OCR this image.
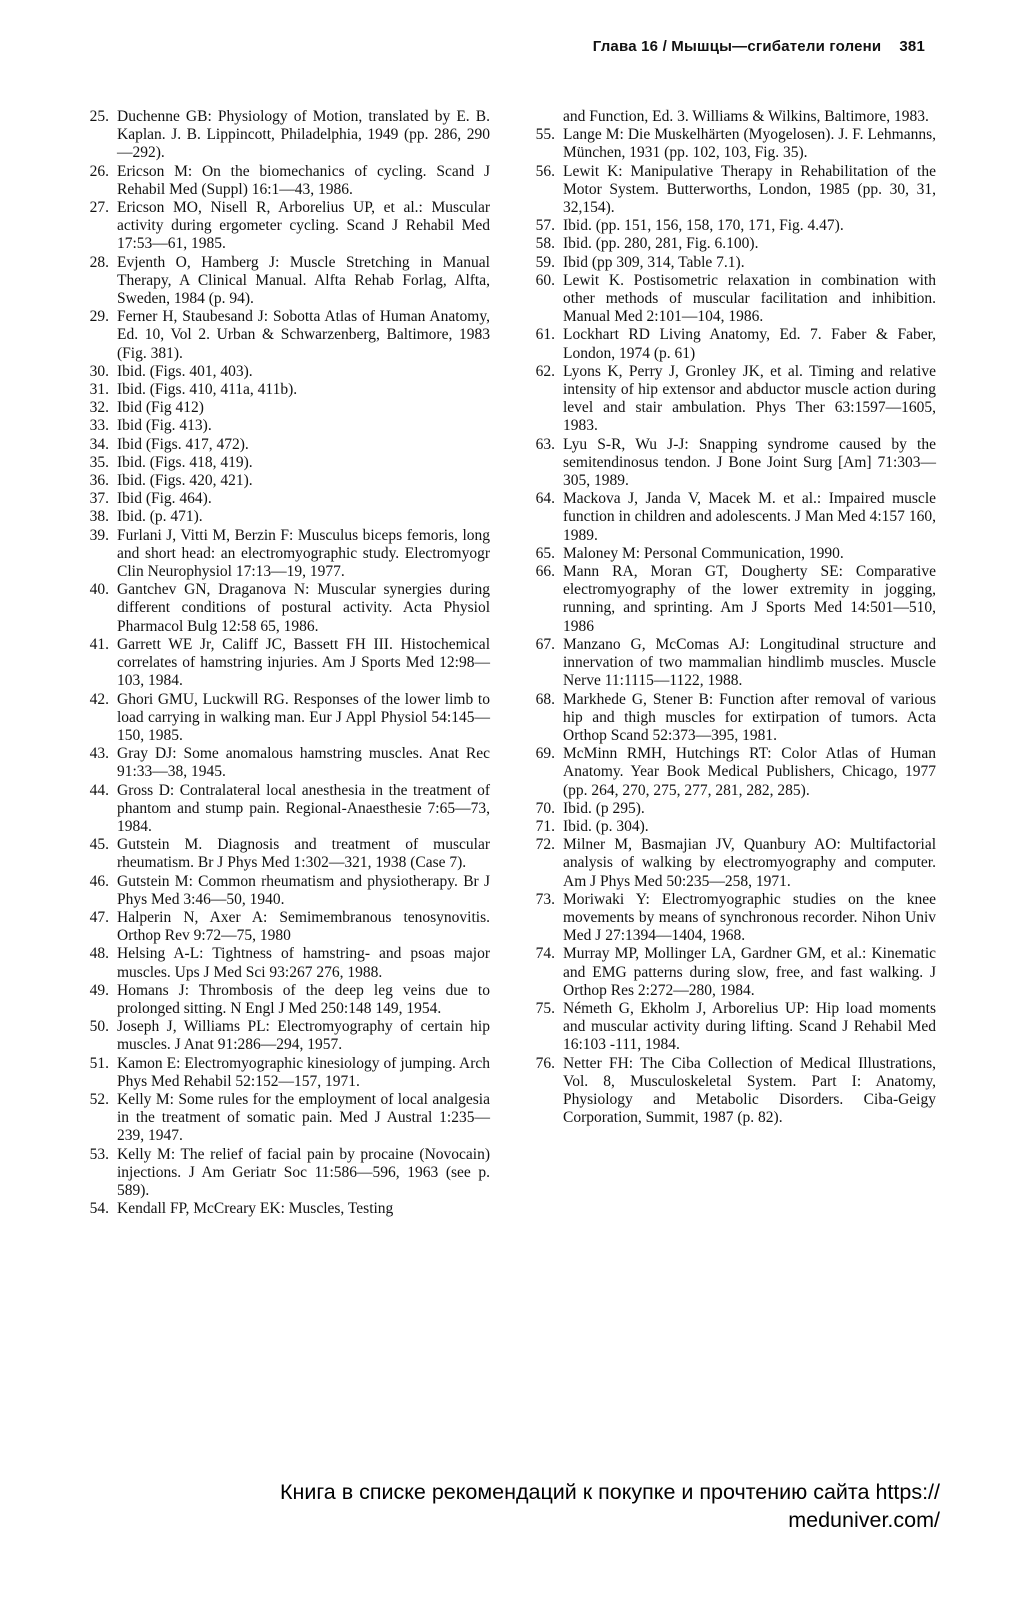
Глава 16 / Мышцы—сгибатели голени 381
25. Duchenne GB: Physiology of Motion, translated by E. B. Kaplan. J. B. Lippincott, Philadelphia, 1949 (pp. 286, 290—292).
26. Ericson M: On the biomechanics of cycling. Scand J Rehabil Med (Suppl) 16:1—43, 1986.
27. Ericson MO, Nisell R, Arborelius UP, et al.: Muscular activity during ergometer cycling. Scand J Rehabil Med 17:53—61, 1985.
28. Evjenth O, Hamberg J: Muscle Stretching in Manual Therapy, A Clinical Manual. Alfta Rehab Forlag, Alfta, Sweden, 1984 (p. 94).
29. Ferner H, Staubesand J: Sobotta Atlas of Human Anatomy, Ed. 10, Vol 2. Urban & Schwarzenberg, Baltimore, 1983 (Fig. 381).
30. Ibid. (Figs. 401, 403).
31. Ibid. (Figs. 410, 411a, 411b).
32. Ibid (Fig 412)
33. Ibid (Fig. 413).
34. Ibid (Figs. 417, 472).
35. Ibid. (Figs. 418, 419).
36. Ibid. (Figs. 420, 421).
37. Ibid (Fig. 464).
38. Ibid. (p. 471).
39. Furlani J, Vitti M, Berzin F: Musculus biceps femoris, long and short head: an electromyographic study. Electromyogr Clin Neurophysiol 17:13—19, 1977.
40. Gantchev GN, Draganova N: Muscular synergies during different conditions of postural activity. Acta Physiol Pharmacol Bulg 12:58 65, 1986.
41. Garrett WE Jr, Califf JC, Bassett FH III. Histochemical correlates of hamstring injuries. Am J Sports Med 12:98—103, 1984.
42. Ghori GMU, Luckwill RG. Responses of the lower limb to load carrying in walking man. Eur J Appl Physiol 54:145—150, 1985.
43. Gray DJ: Some anomalous hamstring muscles. Anat Rec 91:33—38, 1945.
44. Gross D: Contralateral local anesthesia in the treatment of phantom and stump pain. Regional-Anaesthesie 7:65—73, 1984.
45. Gutstein M. Diagnosis and treatment of muscular rheumatism. Br J Phys Med 1:302—321, 1938 (Case 7).
46. Gutstein M: Common rheumatism and physiotherapy. Br J Phys Med 3:46—50, 1940.
47. Halperin N, Axer A: Semimembranous tenosynovitis. Orthop Rev 9:72—75, 1980
48. Helsing A-L: Tightness of hamstring- and psoas major muscles. Ups J Med Sci 93:267 276, 1988.
49. Homans J: Thrombosis of the deep leg veins due to prolonged sitting. N Engl J Med 250:148 149, 1954.
50. Joseph J, Williams PL: Electromyography of certain hip muscles. J Anat 91:286—294, 1957.
51. Kamon E: Electromyographic kinesiology of jumping. Arch Phys Med Rehabil 52:152—157, 1971.
52. Kelly M: Some rules for the employment of local analgesia in the treatment of somatic pain. Med J Austral 1:235—239, 1947.
53. Kelly M: The relief of facial pain by procaine (Novocain) injections. J Am Geriatr Soc 11:586—596, 1963 (see p. 589).
54. Kendall FP, McCreary EK: Muscles, Testing
and Function, Ed. 3. Williams & Wilkins, Baltimore, 1983.
55. Lange M: Die Muskelhärten (Myogelosen). J. F. Lehmanns, München, 1931 (pp. 102, 103, Fig. 35).
56. Lewit K: Manipulative Therapy in Rehabilitation of the Motor System. Butterworths, London, 1985 (pp. 30, 31, 32,154).
57. Ibid. (pp. 151, 156, 158, 170, 171, Fig. 4.47).
58. Ibid. (pp. 280, 281, Fig. 6.100).
59. Ibid (pp 309, 314, Table 7.1).
60. Lewit K. Postisometric relaxation in combination with other methods of muscular facilitation and inhibition. Manual Med 2:101—104, 1986.
61. Lockhart RD Living Anatomy, Ed. 7. Faber & Faber, London, 1974 (p. 61)
62. Lyons K, Perry J, Gronley JK, et al. Timing and relative intensity of hip extensor and abductor muscle action during level and stair ambulation. Phys Ther 63:1597—1605, 1983.
63. Lyu S-R, Wu J-J: Snapping syndrome caused by the semitendinosus tendon. J Bone Joint Surg [Am] 71:303—305, 1989.
64. Mackova J, Janda V, Macek M. et al.: Impaired muscle function in children and adolescents. J Man Med 4:157 160, 1989.
65. Maloney M: Personal Communication, 1990.
66. Mann RA, Moran GT, Dougherty SE: Comparative electromyography of the lower extremity in jogging, running, and sprinting. Am J Sports Med 14:501—510, 1986
67. Manzano G, McComas AJ: Longitudinal structure and innervation of two mammalian hindlimb muscles. Muscle Nerve 11:1115—1122, 1988.
68. Markhede G, Stener B: Function after removal of various hip and thigh muscles for extirpation of tumors. Acta Orthop Scand 52:373—395, 1981.
69. McMinn RMH, Hutchings RT: Color Atlas of Human Anatomy. Year Book Medical Publishers, Chicago, 1977 (pp. 264, 270, 275, 277, 281, 282, 285).
70. Ibid. (p 295).
71. Ibid. (p. 304).
72. Milner M, Basmajian JV, Quanbury AO: Multifactorial analysis of walking by electromyography and computer. Am J Phys Med 50:235—258, 1971.
73. Moriwaki Y: Electromyographic studies on the knee movements by means of synchronous recorder. Nihon Univ Med J 27:1394—1404, 1968.
74. Murray MP, Mollinger LA, Gardner GM, et al.: Kinematic and EMG patterns during slow, free, and fast walking. J Orthop Res 2:272—280, 1984.
75. Németh G, Ekholm J, Arborelius UP: Hip load moments and muscular activity during lifting. Scand J Rehabil Med 16:103 -111, 1984.
76. Netter FH: The Ciba Collection of Medical Illustrations, Vol. 8, Musculoskeletal System. Part I: Anatomy, Physiology and Metabolic Disorders. Ciba-Geigy Corporation, Summit, 1987 (p. 82).
Книга в списке рекомендаций к покупке и прочтению сайта https://
meduniver.com/
